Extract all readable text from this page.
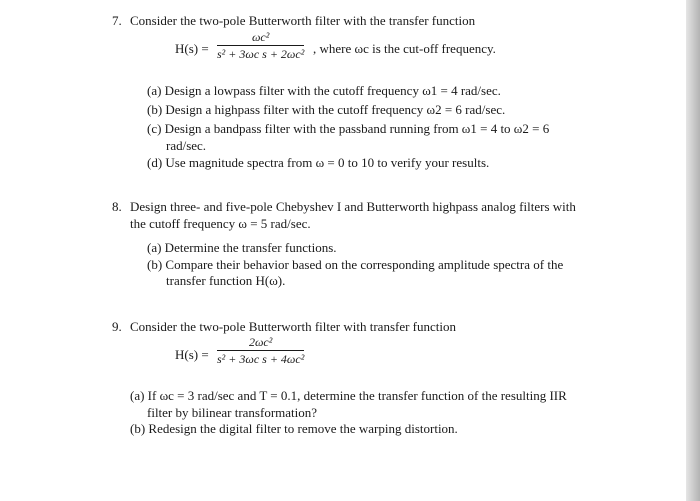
7. Consider the two-pole Butterworth filter with the transfer function
H(s) =
ωc²
s² + 3ωc s + 2ωc² , where ωc is the cut-off frequency.
(a) Design a lowpass filter with the cutoff frequency ω1 = 4 rad/sec.
(b) Design a highpass filter with the cutoff frequency ω2 = 6 rad/sec.
(c) Design a bandpass filter with the passband running from ω1 = 4 to ω2 = 6
rad/sec.
(d) Use magnitude spectra from ω = 0 to 10 to verify your results.
8. Design three- and five-pole Chebyshev I and Butterworth highpass analog filters with
the cutoff frequency ω = 5 rad/sec.
(a) Determine the transfer functions.
(b) Compare their behavior based on the corresponding amplitude spectra of the
transfer function H(ω).
9. Consider the two-pole Butterworth filter with transfer function
H(s) =
2ωc²
s² + 3ωc s + 4ωc²
(a) If ωc = 3 rad/sec and T = 0.1, determine the transfer function of the resulting IIR
filter by bilinear transformation?
(b) Redesign the digital filter to remove the warping distortion.
